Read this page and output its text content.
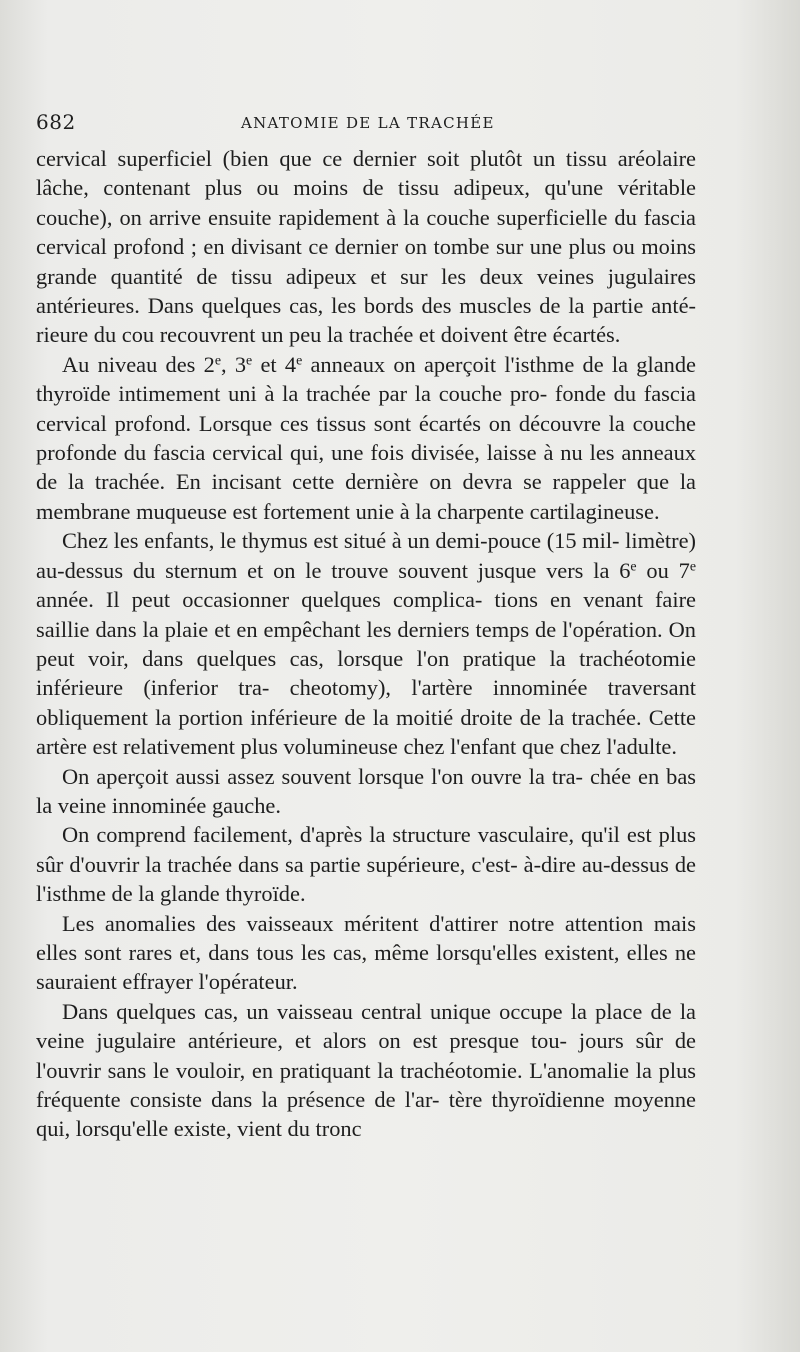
682	ANATOMIE DE LA TRACHÉE

cervical superficiel (bien que ce dernier soit plutôt un tissu aréolaire lâche, contenant plus ou moins de tissu adipeux, qu'une véritable couche), on arrive ensuite rapidement à la couche superficielle du fascia cervical profond ; en divisant ce dernier on tombe sur une plus ou moins grande quantité de tissu adipeux et sur les deux veines jugulaires antérieures. Dans quelques cas, les bords des muscles de la partie anté-rieure du cou recouvrent un peu la trachée et doivent être écartés.

Au niveau des 2e, 3e et 4e anneaux on aperçoit l'isthme de la glande thyroïde intimement uni à la trachée par la couche pro- fonde du fascia cervical profond. Lorsque ces tissus sont écartés on découvre la couche profonde du fascia cervical qui, une fois divisée, laisse à nu les anneaux de la trachée. En incisant cette dernière on devra se rappeler que la membrane muqueuse est fortement unie à la charpente cartilagineuse.

Chez les enfants, le thymus est situé à un demi-pouce (15 mil- limètre) au-dessus du sternum et on le trouve souvent jusque vers la 6e ou 7e année. Il peut occasionner quelques complica- tions en venant faire saillie dans la plaie et en empêchant les derniers temps de l'opération. On peut voir, dans quelques cas, lorsque l'on pratique la trachéotomie inférieure (inferior tra- cheotomy), l'artère innominée traversant obliquement la portion inférieure de la moitié droite de la trachée. Cette artère est relativement plus volumineuse chez l'enfant que chez l'adulte.

On aperçoit aussi assez souvent lorsque l'on ouvre la tra- chée en bas la veine innominée gauche.

On comprend facilement, d'après la structure vasculaire, qu'il est plus sûr d'ouvrir la trachée dans sa partie supérieure, c'est- à-dire au-dessus de l'isthme de la glande thyroïde.

Les anomalies des vaisseaux méritent d'attirer notre attention mais elles sont rares et, dans tous les cas, même lorsqu'elles existent, elles ne sauraient effrayer l'opérateur.

Dans quelques cas, un vaisseau central unique occupe la place de la veine jugulaire antérieure, et alors on est presque tou- jours sûr de l'ouvrir sans le vouloir, en pratiquant la trachéotomie. L'anomalie la plus fréquente consiste dans la présence de l'ar- tère thyroïdienne moyenne qui, lorsqu'elle existe, vient du tronc
